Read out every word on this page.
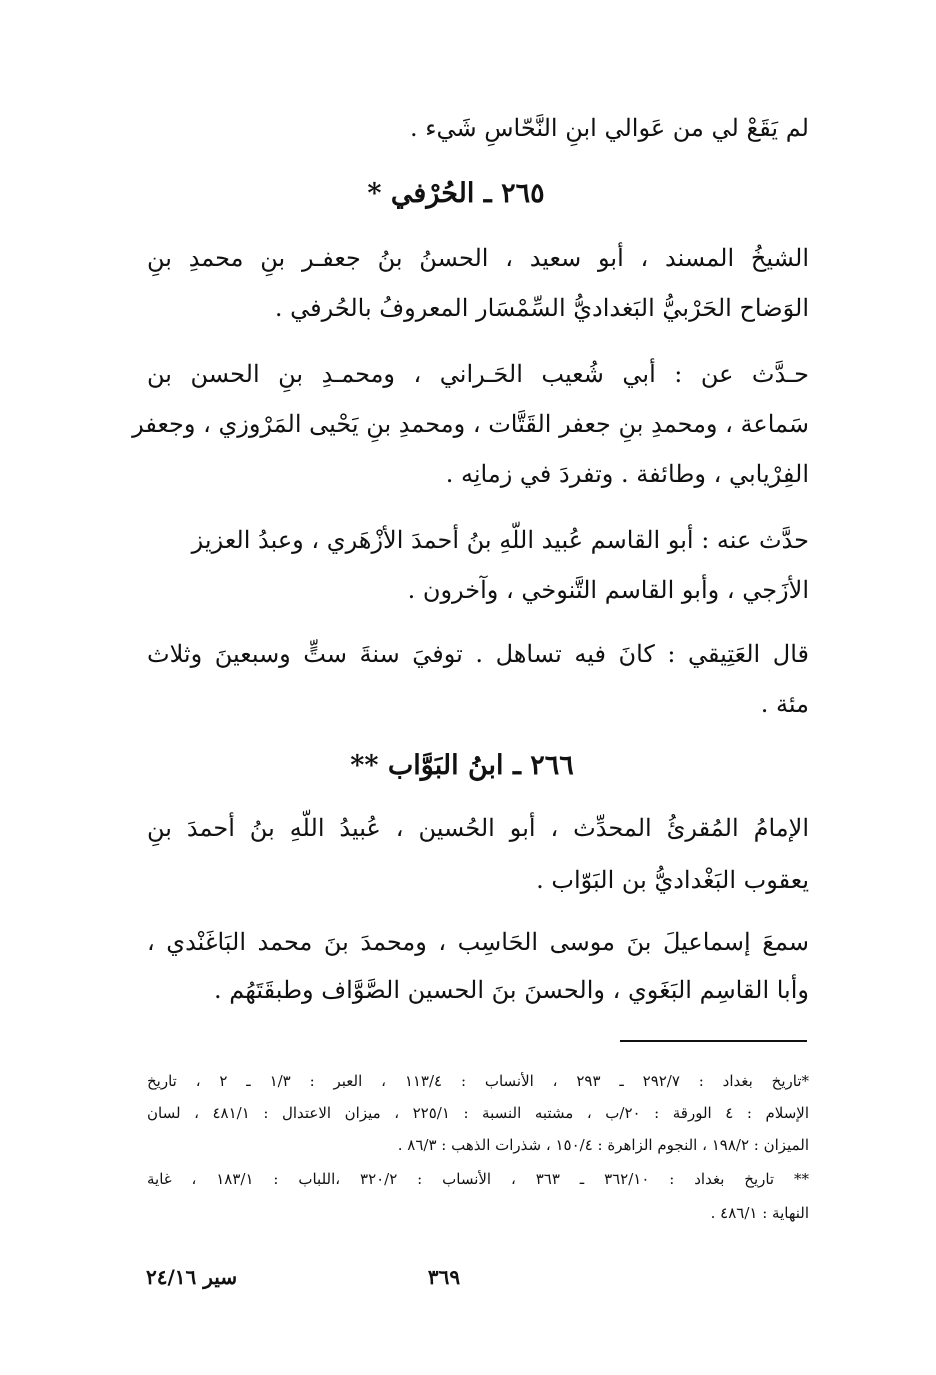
لم يَقَعْ لي من عَوالي ابنِ النَّحّاسِ شَيء .
٢٦٥ ـ الحُرْفي *
الشيخُ المسند ، أبو سعيد ، الحسنُ بنُ جعفـر بنِ محمدِ بنِ
الوَضاح الحَرْبيُّ البَغداديُّ السِّمْسَار المعروفُ بالحُرفي .
حـدَّث عن : أبي شُعيب الحَـراني ، ومحمـدِ بنِ الحسن بن
سَماعة ، ومحمدِ بنِ جعفر القَتَّات ، ومحمدِ بنِ يَحْيى المَرْوزي ، وجعفر
الفِرْيابي ، وطائفة . وتفردَ في زمانِه .
حدَّث عنه : أبو القاسم عُبيد اللّهِ بنُ أحمدَ الأزْهَري ، وعبدُ العزيز
الأزَجي ، وأبو القاسم التَّنوخي ، وآخرون .
قال العَتِيقي : كانَ فيه تساهل . توفيَ سنةَ ستٍّ وسبعينَ وثلاث
مئة .
٢٦٦ ـ ابنُ البَوَّاب **
الإمامُ المُقرئُ المحدِّث ، أبو الحُسين ، عُبيدُ اللّهِ بنُ أحمدَ بنِ
يعقوب البَغْداديُّ بن البَوّاب .
سمعَ إسماعيلَ بنَ موسى الحَاسِب ، ومحمدَ بنَ محمد البَاغَنْدي ،
وأبا القاسِم البَغَوي ، والحسنَ بنَ الحسين الصَّوَّاف وطبقَتَهُم .
*تاريخ بغداد : ٢٩٢/٧ ـ ٢٩٣ ، الأنساب : ١١٣/٤ ، العبر : ١/٣ ـ ٢ ، تاريخ
الإسلام : ٤ الورقة : ٢٠/ب ، مشتبه النسبة : ٢٢٥/١ ، ميزان الاعتدال : ٤٨١/١ ، لسان
الميزان : ١٩٨/٢ ، النجوم الزاهرة : ١٥٠/٤ ، شذرات الذهب : ٨٦/٣ .
** تاريخ بغداد : ٣٦٢/١٠ ـ ٣٦٣ ، الأنساب : ٣٢٠/٢ ،اللباب : ١٨٣/١ ، غاية
النهاية : ٤٨٦/١ .
٣٦٩
سير ٢٤/١٦
